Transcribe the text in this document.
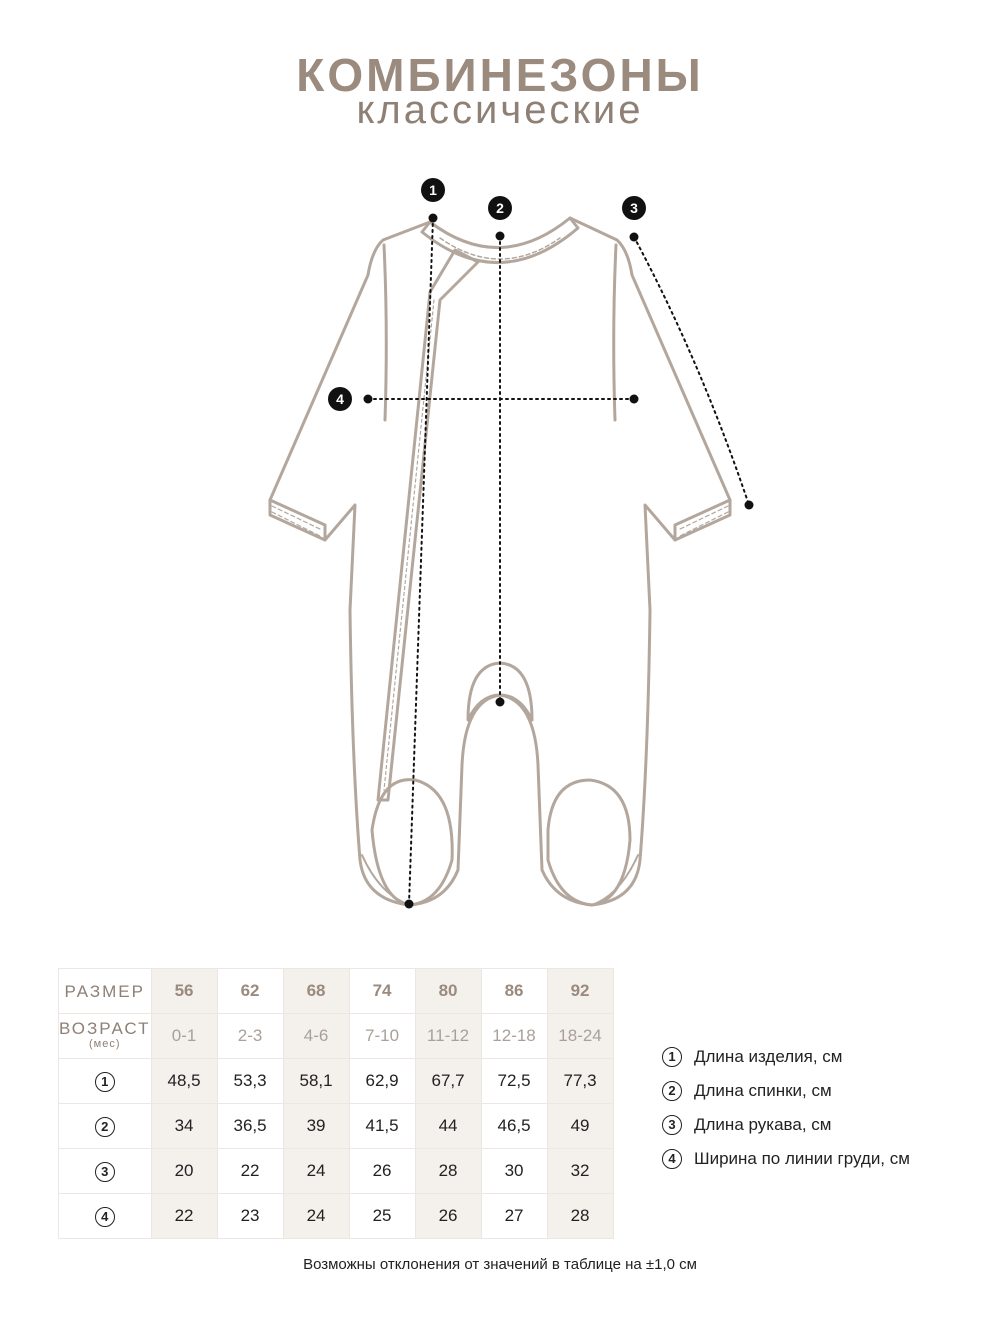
КОМБИНЕЗОНЫ
классические
1
2	3
4
РАЗМЕР	56	62	68	74	80	86	92

ВОЗРАСТ
(мес)	0-1	2-3	4-6	7-10	11-12	12-18	18-24
1	48,5	53,3	58,1	62,9	67,7	72,5	77,3
2	34	36,5	39	41,5	44	46,5	49
3	20	22	24	26	28	30	32
4	22	23	24	25	26	27	28
1	Длина изделия, см
2	Длина спинки, см
3	Длина рукава, см
4	Ширина по линии груди, см
Возможны отклонения от значений в таблице на ±1,0 см
